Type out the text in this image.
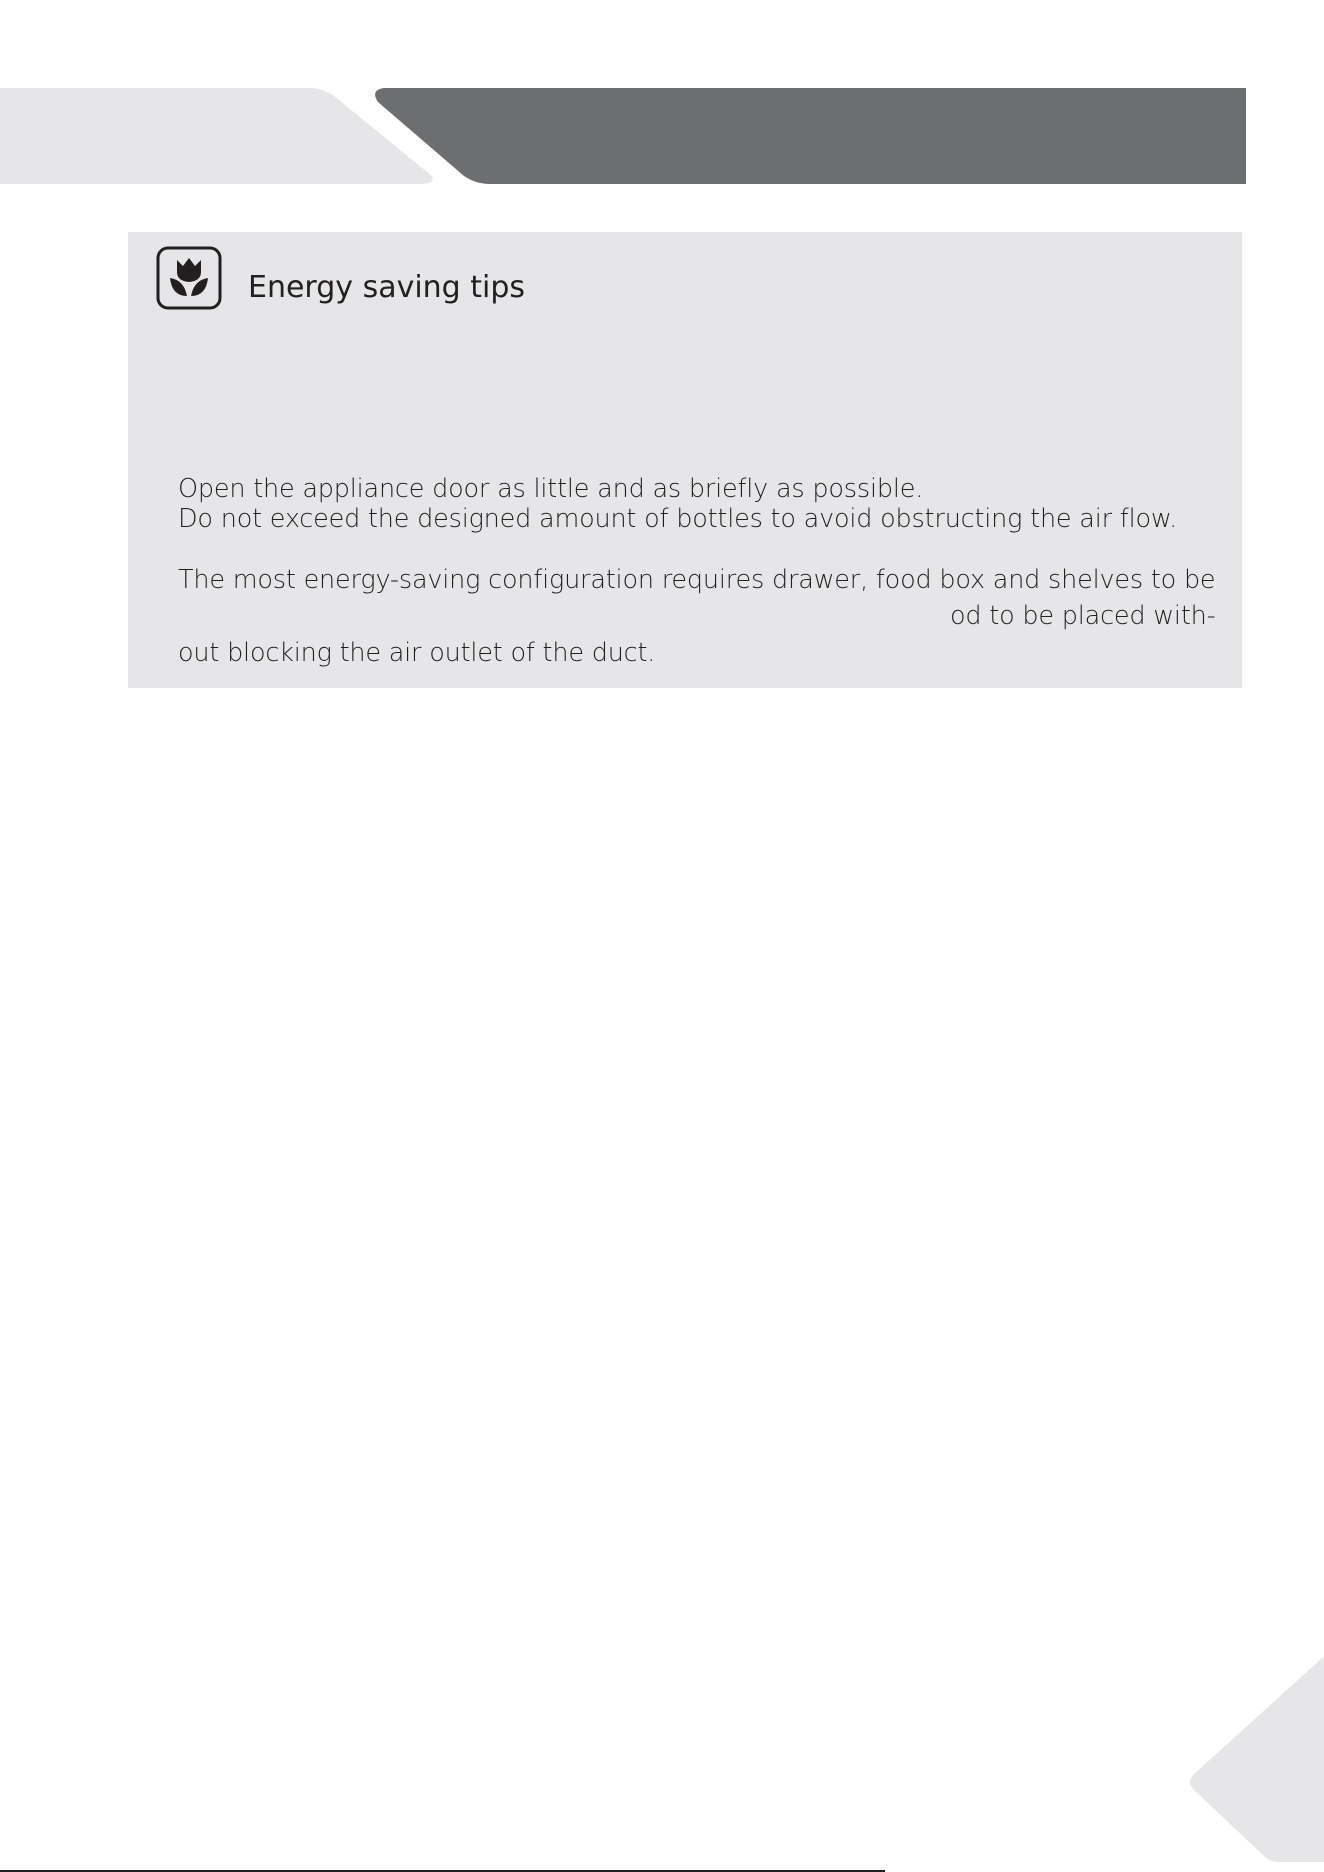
Energy saving tips
Open the appliance door as little and as briefly as possible.
Do not exceed the designed amount of bottles to avoid obstructing the air flow.
The most energy-saving configuration requires drawer, food box and shelves to be
od to be placed with-
out blocking the air outlet of the duct.
